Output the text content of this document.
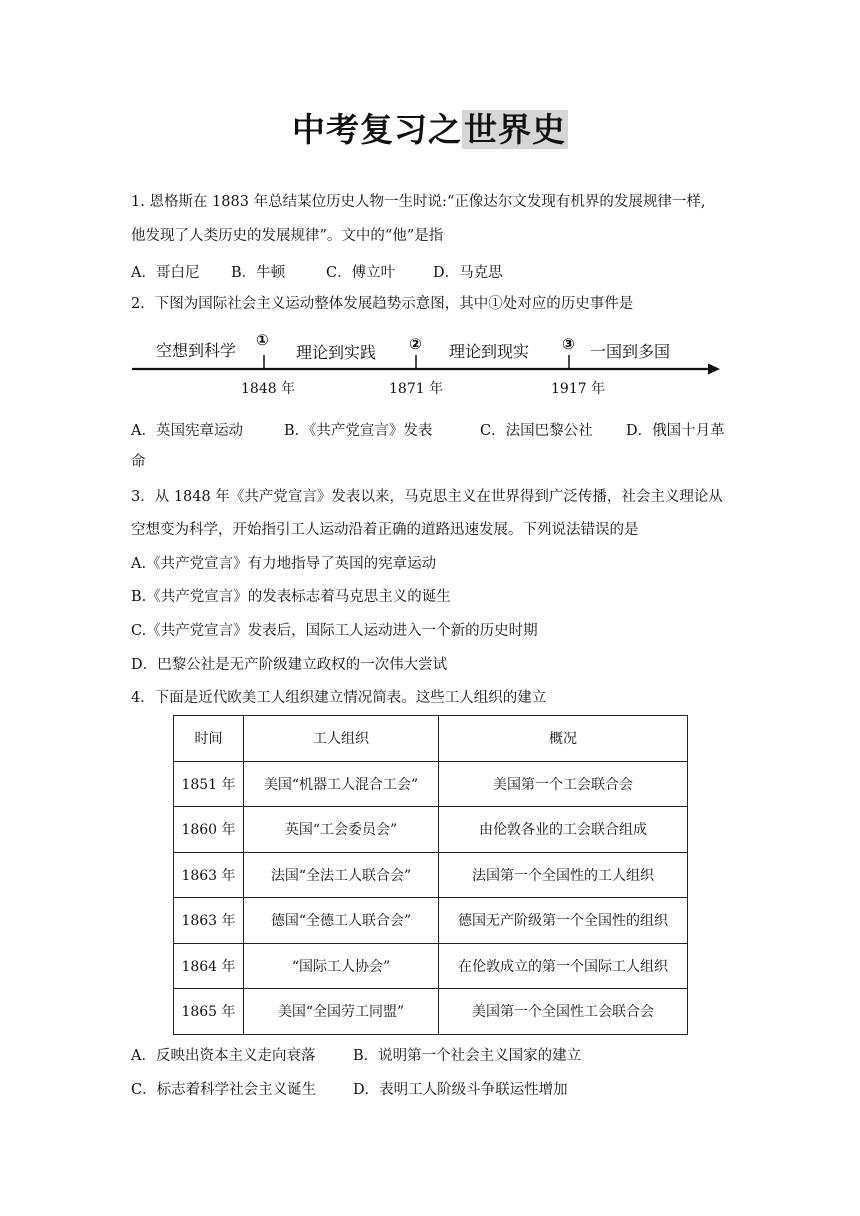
中考复习之世界史
1. 恩格斯在 1883 年总结某位历史人物一生时说:“正像达尔文发现有机界的发展规律一样,
他发现了人类历史的发展规律”。文中的“他”是指
A．哥白尼 B．牛顿	C．傅立叶	D．马克思
2．下图为国际社会主义运动整体发展趋势示意图，其中①处对应的历史事件是
空想到科学	理论到实践	理论到现实	一国到多国
①	②	③
1848 年	1871 年	1917 年
A．英国宪章运动	B．《共产党宣言》发表	C．法国巴黎公社 D．俄国十月革
命
3．从 1848 年《共产党宣言》发表以来，马克思主义在世界得到广泛传播，社会主义理论从
空想变为科学，开始指引工人运动沿着正确的道路迅速发展。下列说法错误的是
A.《共产党宣言》有力地指导了英国的宪章运动
B.《共产党宣言》的发表标志着马克思主义的诞生
C.《共产党宣言》发表后，国际工人运动进入一个新的历史时期
D．巴黎公社是无产阶级建立政权的一次伟大尝试
4．下面是近代欧美工人组织建立情况简表。这些工人组织的建立
时间	工人组织	概况
1851 年	美国“机器工人混合工会”	美国第一个工会联合会
1860 年	英国“工会委员会”	由伦敦各业的工会联合组成
1863 年	法国“全法工人联合会”	法国第一个全国性的工人组织
1863 年	德国“全德工人联合会”	德国无产阶级第一个全国性的组织
1864 年	“国际工人协会”	在伦敦成立的第一个国际工人组织
1865 年	美国“全国劳工同盟”	美国第一个全国性工会联合会
A．反映出资本主义走向衰落	B．说明第一个社会主义国家的建立
C．标志着科学社会主义诞生	D．表明工人阶级斗争联运性增加
